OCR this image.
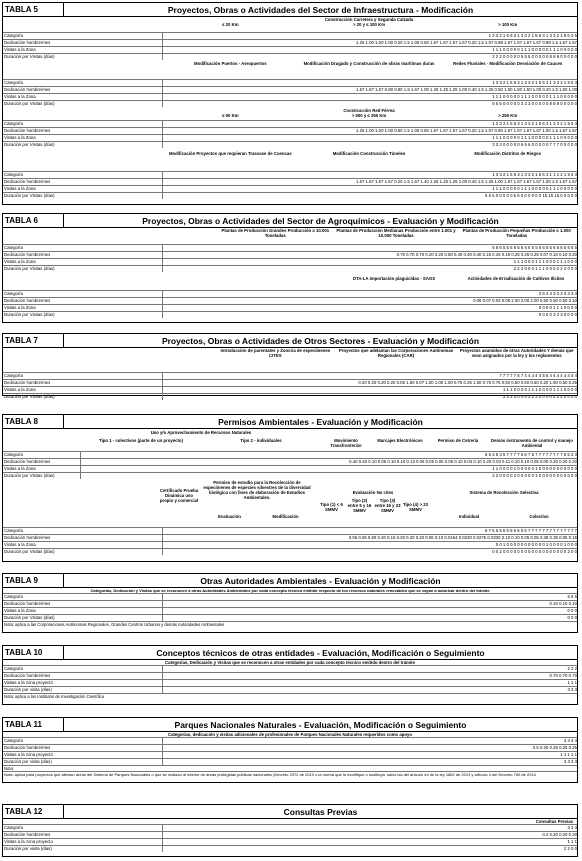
TABLA 5	Proyectos, Obras o Actividades del Sector de Infraestructura - Modificación
Construcción Carretera y Segunda Calzada
≤ 20 Km	> 20 y ≤ 100 Km	> 100 Km
Categoría	1 3 3 2 1 5 6 3 1 3 3 2 1 5 6 3 1 3 3 2 1 5 6 3 5
Dedicación hombre/mes	1.25 1.00 1.00 1.00 0.20 1.5 1.00 0.50 1.67 1.67 1.67 1.67 0.20 1.5 1.67 0.88 1.67 1.67 1.67 1.67 0.88 1.5 1.67 1.67
Visitas a la Zona	1 1 1 0 0 0 0 0 1 1 1 0 0 0 0 0 1 1 1 0 0 0 0 0
Duración por Visitas (días)	2 2 2 0 0 0 0 0 5 5 5 0 0 0 0 0 8 8 8 0 0 0 0 0
Modificación Puertos - Aeropuertos	Modificación Dragado y Construcción de obras marítimas duras	Redes Fluviales · Modificación Desviación de Cauces
Categoría	1 3 3 2 1 5 6 3 1 3 3 2 1 5 6 3 1 3 3 2 1 5 6 3
Dedicación hombre/mes	1.67 1.67 1.67 0.80 0.80 1.5 1.67 1.00 1.25 1.25 1.25 1.00 0.40 1.5 1.25 0.50 1.50 1.50 1.50 1.00 0.20 1.5 1.50 1.00
Visitas a la Zona	1 1 1 0 0 0 0 0 1 1 1 0 0 0 0 0 1 1 1 0 0 0 0 0
Duración por Visitas (días)	5 5 5 0 0 0 0 0 3 3 3 0 0 0 0 0 8 8 8 0 0 0 0 0
Construcción Red Férrea
≤ 50 Km	> 500 y ≤ 250 Km	> 250 Km
Categoría	1 3 3 2 1 5 6 3 1 3 3 2 1 5 6 3 1 3 3 2 1 5 6 3
Dedicación hombre/mes	1.25 1.00 1.00 1.00 0.80 1.5 1.00 0.80 1.67 1.67 1.67 1.67 0.20 1.5 1.67 0.80 1.67 1.67 1.67 1.67 1.00 1.5 1.67 1.67
Visitas a la Zona	1 1 1 0 0 0 0 0 1 1 1 0 0 0 0 0 1 1 1 0 0 0 0 0
Duración por Visitas (días)	3 3 3 0 0 0 0 0 6 6 6 0 0 0 0 0 7 7 7 0 0 0 0 0
Modificación Proyectos que requieran Trasvase de Cuencas	Modificación Construcción Túneles	Modificación Distritos de Riegos
Categoría	1 3 3 2 1 5 6 3 1 3 3 2 1 5 6 3 1 1 1 2 1 5 6 3
Dedicación hombre/mes	1.67 1.67 1.67 1.67 0.20 1.5 1.67 1.40 1.25 1.25 1.25 1.00 0.40 1.5 1.25 1.00 1.67 1.67 1.67 1.67 1.00 1.5 1.67 1.67
Visitas a la Zona	1 1 1 0 0 0 0 0 1 1 1 0 0 0 0 0 1 1 1 0 0 0 0 0
Duración por Visitas (días)	5 5 5 0 0 0 0 0 5 5 5 0 0 0 0 0 15 15 15 0 0 0 0 0
TABLA 6	Proyectos, Obras o Actividades del Sector de Agroquímicos - Evaluación y Modificación
Plantas de Producción Grandes Producción ≥ 10.001 Toneladas
Plantas de Producción Medianas Producción entre 1.001 y 10.000 Toneladas
Plantas de Producción Pequeñas Producción ≤ 1.000 Toneladas
Categoría	5 6 6 5 5 6 6 5 5 6 6 5 5 6 6 5 5 6 6 5 5 6 6 5
Dedicación hombre/mes	0.70 0.70 0.70 0.20 0.20 0.50 0.40 0.40 0.40 0.15 0.15 0.15 0.25 0.25 0.25 0.07 0.10 0.10 0.20
Visitas a la Zona	1 1 1 0 0 0 1 1 1 0 0 0 1 1 1 0 0 0
Duración por Visitas (días)	2 2 2 0 0 0 1 1 1 0 0 0 2 2 2 0 0 0
DTA-LA Importación plaguicidas - SAOS	Actividades de Erradicación de Cultivos Ilícitos
Categoría	3 5 4 3 3 3 3 3 3 3 3
Dedicación hombre/mes	0.08 0.07 0.03 0.08 2.00 2.00 2.00 0.50 0.50 0.50 0.10
Visitas a la Zona	0 0 0 0 1 1 1 0 0 0 0
Duración por Visitas (días)	0 0 0 0 3 3 3 0 0 0 0
TABLA 7	Proyectos, Obras o Actividades de Otros Sectores - Evaluación y Modificación
Introducción de parentales y Zoocría de especímenes CITES
Proyectos que adelantan las Corporaciones Autónomas Regionales (CAR)
Proyectos asumidos de otras Autoridades Y demás que sean asignados por la ley y los reglamentos
Categoría	7 7 7 7 7 6 7 4 4 4 4 4 5 6 4 4 4 4 4 4 4 4
Dedicación hombre/mes	0.20 0.20 0.20 0.20 0.05 1.50 0.07 1.00 1.00 1.00 0.75 0.25 1.50 0.75 0.75 0.50 0.50 0.50 0.50 0.20 1.50 0.50 0.25
Visitas a la Zona	1 1 1 0 0 0 0 1 1 1 0 0 0 0 1 1 1 0 0 0 0
Duración por Visitas (días)	2 2 2 0 0 0 0 2 2 2 0 0 0 0 2 2 2 0 0 0 0
TABLA 8	Permisos Ambientales - Evaluación y Modificación
Uso y/o Aprovechamiento de Recursos Naturales
Tipo 1 - colectivos (parte de un proyecto)	Tipo 2 - individuales	Movimiento Transfronterizo
Marcajes Electrónicos	Permiso de Cetrería	Demás instrumento de control y manejo Ambiental
Categoría	5 6 3 5 3 6 7 7 7 7 6 6 7 6 7 7 7 7 7 7 7 7 6 5 3 3
Dedicación hombre/mes	0.40 0.40 0.10 0.06 0.10 0.10 0.13 0.06 0.05 0.06 0.05 0.10 0.03 0.10 0.20 0.03 0.11 0.10 0.10 0.05 0.05 0.20 0.20 0.20
Visitas a la Zona	1 1 0 0 0 0 1 0 0 0 0 0 1 0 0 0 0 0 0 0 0 0 0 0
Duración por Visitas (días)	2 2 0 0 0 0 2 0 0 0 0 0 1 0 0 0 0 0 0 0 0 0 0 0
Certificado Prueba Dinámica uso propio y comercial
Permiso de estudio para la Recolección de especímenes de especies silvestres de la diversidad biológica con fines de elaboración de Estudios Ambientales.
Evaluación	Modificación
Evaluación No cites	Sistema de Recolección Selectiva
Individual	Colectivo
Tipo (1) < 6 SMMV
Tipo (2) entre 5 y 16 SMMV
Tipo (3) entre 16 y 23 SMMV
Tipo (4) > 23 SMMV
Categoría	6 7 5 5 5 5 6 6 6 6 5 6 7 7 7 7 7 7 7 7 7 7 7 7 7 7
Dedicación hombre/mes	0.06 0.06 0.50 0.20 0.15 0.30 0.20 0.20 0.06 0.10 0.0164 0.0220 0.0275 0.0330 0.10 0.10 0.05 0.05 0.38 0.35 0.05 0.15
Visitas a la Zona	0 0 1 0 0 0 0 0 0 0 0 0 0 0 1 0 0 0 0 1 0 0 0
Duración por Visitas (días)	0 0 2 0 0 0 0 0 0 0 0 0 0 0 0 0 0 0 0 0 0 2 0 0
TABLA 9	Otras Autoridades Ambientales - Evaluación y Modificación
Categorías, Dedicación y Visitas que se reconocen a otras Autoridades Ambientales por cada concepto técnico emitido respecto de los recursos naturales renovables que se vayan a autorizar dentro del trámite
Categoría	6 6 5
Dedicación hombre/mes	0.10 0.10 0.10
Visitas a la Zona	0 0 0
Duración por Visitas (días)	0 0 0
Nota: aplica a las Corporaciones Autónomas Regionales, Grandes Centros Urbanos y demás Autoridades Ambientales
TABLA 10	Conceptos técnicos de otras entidades - Evaluación, Modificación o Seguimiento
Categorías, Dedicación y Visitas que se reconocen a otras entidades por cada concepto técnico emitido dentro del trámite
Categoría	2 2 2
Dedicación hombre/mes	0.70 0.70 0.70
Visitas a la zona proyecto	1 1 1
Duración por visita (días)	3 3 3
Nota: aplica a los Institutos de Investigación Científica
TABLA 11	Parques Nacionales Naturales - Evaluación, Modificación o Seguimiento
Categorías, dedicación y visitas adicionales de profesionales de Parques Nacionales Naturales requeridos como apoyo
Categoría	4 4 4 4
Dedicación hombre/mes	0.5 0.25 0.25 0.25 0.25
Visitas a la zona proyecto	1 1 1 1 1
Duración por visita (días)	3 3 3 3
Nota:
Nota: aplica para proyectos que afectan áreas del Sistema de Parques Nacionales o que se realizan al interior de áreas protegidas públicas nacionales (Decreto 2372 de 2010 o la norma que lo modifique o sustituya, salvo las del artículo 44 de la ley 1682 de 2013 y artículo 4 del Decreto 769 de 2014
TABLA 12	Consultas Previas
Consultas Previas
Categoría	3 3 3
Dedicación hombre/mes	0.2 0.20 0.20 0.20
Visitas a la zona proyecto	1 1 1
Duración por visita (días)	2 2 0 0
